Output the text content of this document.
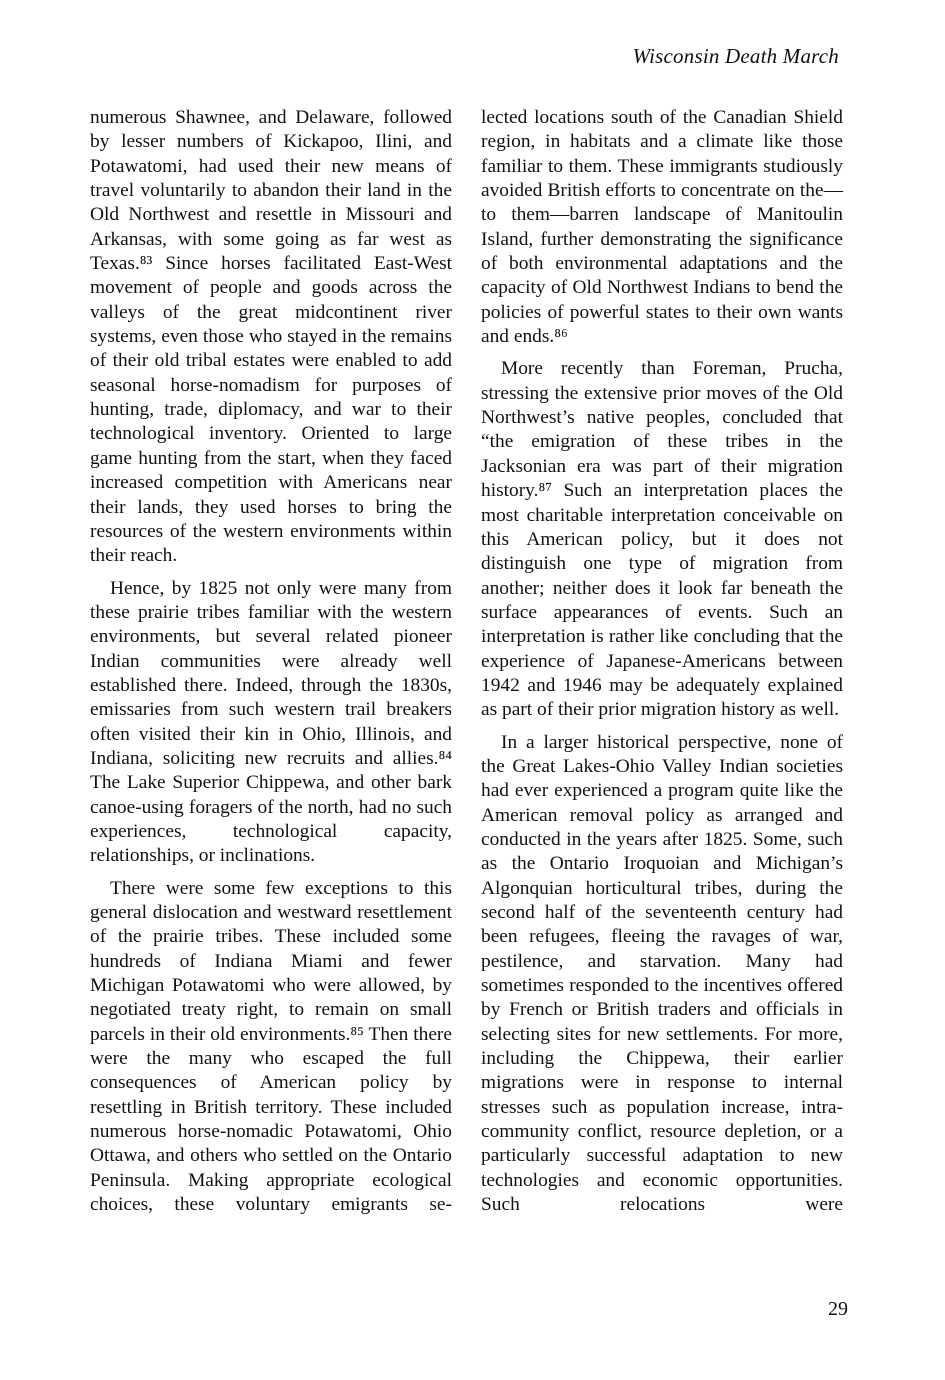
Wisconsin Death March

numerous Shawnee, and Delaware, followed by lesser numbers of Kickapoo, Ilini, and Potawatomi, had used their new means of travel voluntarily to abandon their land in the Old Northwest and resettle in Missouri and Arkansas, with some going as far west as Texas.⁸³ Since horses facilitated East-West movement of people and goods across the valleys of the great midcontinent river systems, even those who stayed in the remains of their old tribal estates were enabled to add seasonal horse-nomadism for purposes of hunting, trade, diplomacy, and war to their technological inventory. Oriented to large game hunting from the start, when they faced increased competition with Americans near their lands, they used horses to bring the resources of the western environments within their reach.

Hence, by 1825 not only were many from these prairie tribes familiar with the western environments, but several related pioneer Indian communities were already well established there. Indeed, through the 1830s, emissaries from such western trail breakers often visited their kin in Ohio, Illinois, and Indiana, soliciting new recruits and allies.⁸⁴ The Lake Superior Chippewa, and other bark canoe-using foragers of the north, had no such experiences, technological capacity, relationships, or inclinations.

There were some few exceptions to this general dislocation and westward resettlement of the prairie tribes. These included some hundreds of Indiana Miami and fewer Michigan Potawatomi who were allowed, by negotiated treaty right, to remain on small parcels in their old environments.⁸⁵ Then there were the many who escaped the full consequences of American policy by resettling in British territory. These included numerous horse-nomadic Potawatomi, Ohio Ottawa, and others who settled on the Ontario Peninsula. Making appropriate ecological choices, these voluntary emigrants se-

lected locations south of the Canadian Shield region, in habitats and a climate like those familiar to them. These immigrants studiously avoided British efforts to concentrate on the—to them—barren landscape of Manitoulin Island, further demonstrating the significance of both environmental adaptations and the capacity of Old Northwest Indians to bend the policies of powerful states to their own wants and ends.⁸⁶

More recently than Foreman, Prucha, stressing the extensive prior moves of the Old Northwest’s native peoples, concluded that “the emigration of these tribes in the Jacksonian era was part of their migration history.⁸⁷ Such an interpretation places the most charitable interpretation conceivable on this American policy, but it does not distinguish one type of migration from another; neither does it look far beneath the surface appearances of events. Such an interpretation is rather like concluding that the experience of Japanese-Americans between 1942 and 1946 may be adequately explained as part of their prior migration history as well.

In a larger historical perspective, none of the Great Lakes-Ohio Valley Indian societies had ever experienced a program quite like the American removal policy as arranged and conducted in the years after 1825. Some, such as the Ontario Iroquoian and Michigan’s Algonquian horticultural tribes, during the second half of the seventeenth century had been refugees, fleeing the ravages of war, pestilence, and starvation. Many had sometimes responded to the incentives offered by French or British traders and officials in selecting sites for new settlements. For more, including the Chippewa, their earlier migrations were in response to internal stresses such as population increase, intra-community conflict, resource depletion, or a particularly successful adaptation to new technologies and economic opportunities. Such relocations were

29
